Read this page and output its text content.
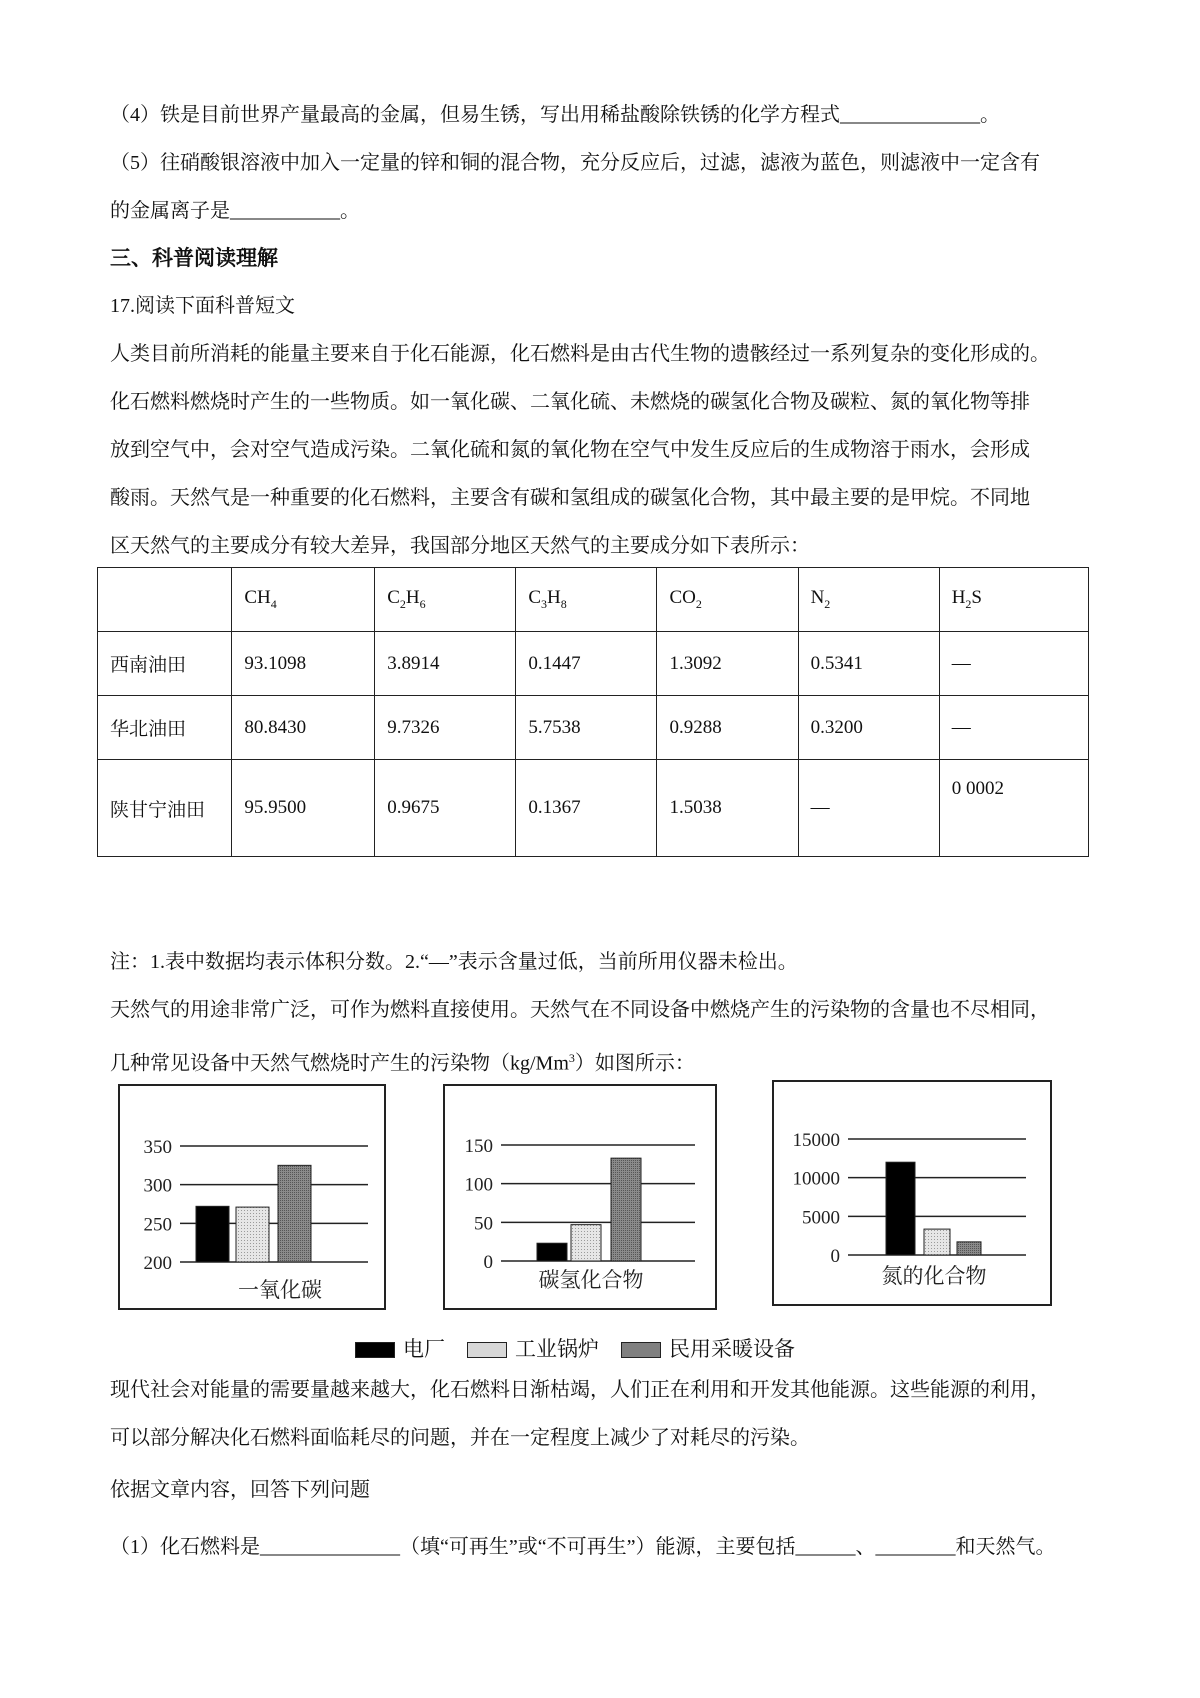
（4）铁是目前世界产量最高的金属，但易生锈，写出用稀盐酸除铁锈的化学方程式______________。
（5）往硝酸银溶液中加入一定量的锌和铜的混合物，充分反应后，过滤，滤液为蓝色，则滤液中一定含有
的金属离子是___________。
三、科普阅读理解
17.阅读下面科普短文
人类目前所消耗的能量主要来自于化石能源，化石燃料是由古代生物的遗骸经过一系列复杂的变化形成的。
化石燃料燃烧时产生的一些物质。如一氧化碳、二氧化硫、未燃烧的碳氢化合物及碳粒、氮的氧化物等排
放到空气中，会对空气造成污染。二氧化硫和氮的氧化物在空气中发生反应后的生成物溶于雨水，会形成
酸雨。天然气是一种重要的化石燃料，主要含有碳和氢组成的碳氢化合物，其中最主要的是甲烷。不同地
区天然气的主要成分有较大差异，我国部分地区天然气的主要成分如下表所示：
	$CH_4$	$C_2H_6$	$C_3H_8$	$CO_2$	$N_2$	$H_2S$
西南油田	93.1098	3.8914	0.1447	1.3092	0.5341	—
华北油田	80.8430	9.7326	5.7538	0.9288	0.3200	—
陕甘宁油田	95.9500	0.9675	0.1367	1.5038	—	0 0002
注：1.表中数据均表示体积分数。2.“—”表示含量过低，当前所用仪器未检出。
天然气的用途非常广泛，可作为燃料直接使用。天然气在不同设备中燃烧产生的污染物的含量也不尽相同，
几种常见设备中天然气燃烧时产生的污染物（kg/Mm$^3$）如图所示：
200
250
300
350
一氧化碳
0
50
100
150
碳氢化合物
0
5000
10000
15000
氮的化合物
电厂	工业锅炉	民用采暖设备
现代社会对能量的需要量越来越大，化石燃料日渐枯竭，人们正在利用和开发其他能源。这些能源的利用，
可以部分解决化石燃料面临耗尽的问题，并在一定程度上减少了对耗尽的污染。
依据文章内容，回答下列问题
（1）化石燃料是______________（填“可再生”或“不可再生”）能源，主要包括______、________和天然气。
